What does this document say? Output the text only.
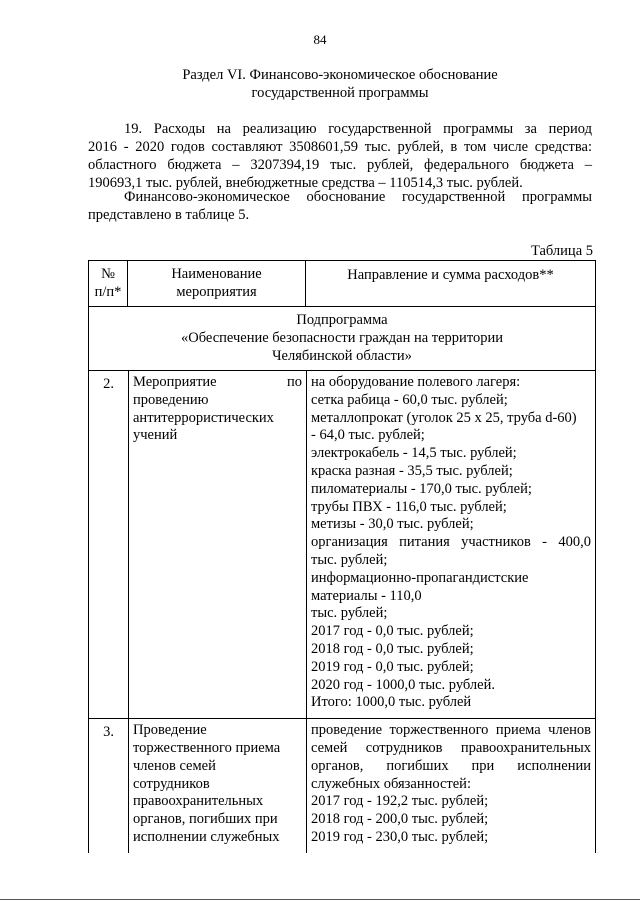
84
Раздел VI. Финансово-экономическое обоснование
государственной программы
19. Расходы на реализацию государственной программы за период
2016 - 2020 годов составляют 3508601,59 тыс. рублей, в том числе средства:
областного бюджета – 3207394,19 тыс. рублей, федерального бюджета –
190693,1 тыс. рублей, внебюджетные средства – 110514,3 тыс. рублей.
Финансово-экономическое обоснование государственной программы
представлено в таблице 5.
Таблица 5
№
п/п*
Наименование
мероприятия
Направление и сумма расходов**
Подпрограмма
«Обеспечение безопасности граждан на территории
Челябинской области»
2.	Мероприятие по
проведению
антитеррористических
учений
на оборудование полевого лагеря:
сетка рабица - 60,0 тыс. рублей;
металлопрокат (уголок 25 х 25, труба d-60)
- 64,0 тыс. рублей;
электрокабель - 14,5 тыс. рублей;
краска разная - 35,5 тыс. рублей;
пиломатериалы - 170,0 тыс. рублей;
трубы ПВХ - 116,0 тыс. рублей;
метизы - 30,0 тыс. рублей;
организация питания участников - 400,0
тыс. рублей;
информационно-пропагандистские
материалы - 110,0
тыс. рублей;
2017 год - 0,0 тыс. рублей;
2018 год - 0,0 тыс. рублей;
2019 год - 0,0 тыс. рублей;
2020 год - 1000,0 тыс. рублей.
Итого: 1000,0 тыс. рублей
3.	Проведение
торжественного приема
членов семей
сотрудников
правоохранительных
органов, погибших при
исполнении служебных
проведение торжественного приема членов
семей сотрудников правоохранительных
органов, погибших при исполнении
служебных обязанностей:
2017 год - 192,2 тыс. рублей;
2018 год - 200,0 тыс. рублей;
2019 год - 230,0 тыс. рублей;
